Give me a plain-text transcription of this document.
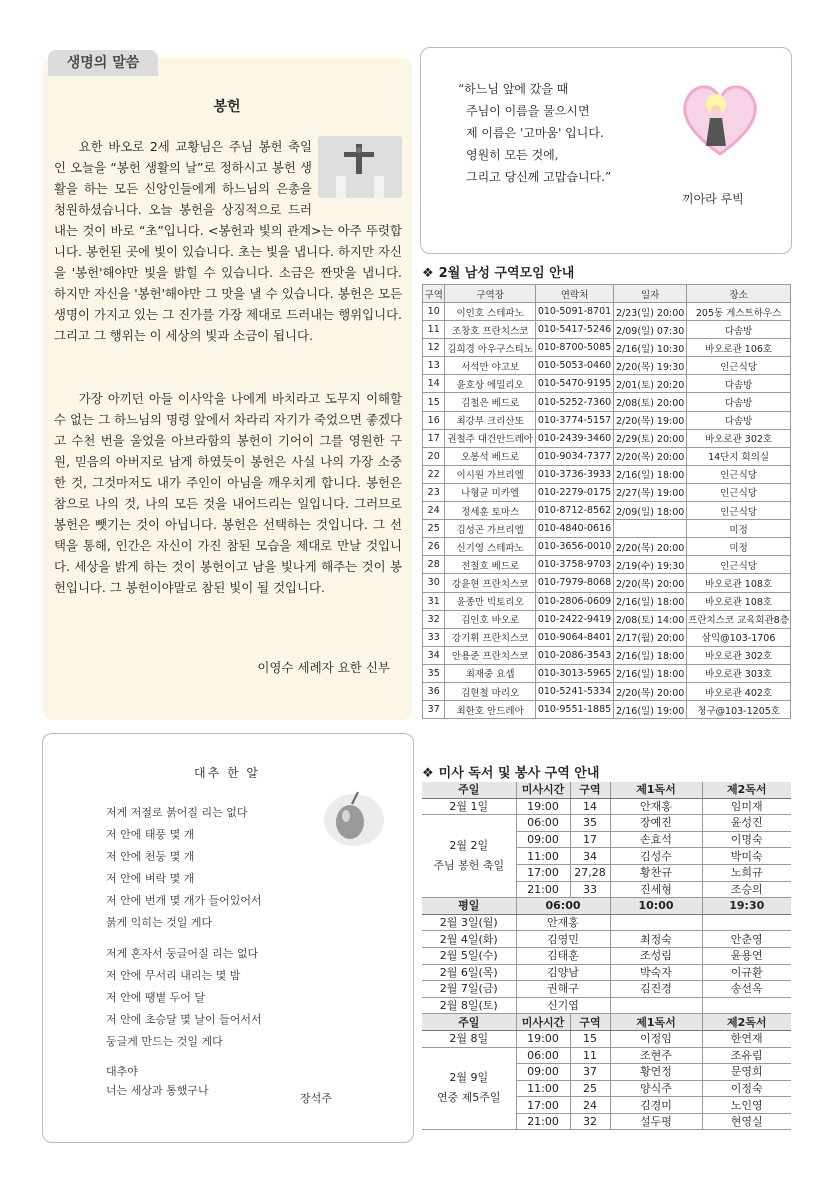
생명의 말씀
봉헌

요한 바오로 2세 교황님은 주님 봉헌 축일인 오늘을 “봉헌 생활의 날”로 정하시고 봉헌 생활을 하는 모든 신앙인들에게 하느님의 은총을 청원하셨습니다. 오늘 봉헌을 상징적으로 드러내는 것이 바로 “초”입니다. <봉헌과 빛의 관계>는 아주 뚜렷합니다. 봉헌된 곳에 빛이 있습니다. 초는 빛을 냅니다. 하지만 자신을 '봉헌'해야만 빛을 밝힐 수 있습니다. 소금은 짠맛을 냅니다. 하지만 자신을 '봉헌'해야만 그 맛을 낼 수 있습니다. 봉헌은 모든 생명이 가지고 있는 그 진가를 가장 제대로 드러내는 행위입니다. 그리고 그 행위는 이 세상의 빛과 소금이 됩니다.

가장 아끼던 아들 이사악을 나에게 바치라고 도무지 이해할 수 없는 그 하느님의 명령 앞에서 차라리 자기가 죽었으면 좋겠다고 수천 번을 울었을 아브라함의 봉헌이 기어이 그를 영원한 구원, 믿음의 아버지로 남게 하였듯이 봉헌은 사실 나의 가장 소중한 것, 그것마저도 내가 주인이 아님을 깨우치게 합니다. 봉헌은 참으로 나의 것, 나의 모든 것을 내어드리는 일입니다. 그러므로 봉헌은 뺏기는 것이 아닙니다. 봉헌은 선택하는 것입니다. 그 선택을 통해, 인간은 자신이 가진 참된 모습을 제대로 만날 것입니다. 세상을 밝게 하는 것이 봉헌이고 남을 빛나게 해주는 것이 봉헌입니다. 그 봉헌이야말로 참된 빛이 될 것입니다.

이영수 세례자 요한 신부
대추 한 알
저게 저절로 붉어질 리는 없다
저 안에 태풍 몇 개
저 안에 천둥 몇 개
저 안에 벼락 몇 개
저 안에 번개 몇 개가 들어있어서
붉게 익히는 것일 게다
저게 혼자서 둥글어질 리는 없다
저 안에 무서리 내리는 몇 밤
저 안에 땡볕 두어 달
저 안에 초승달 몇 날이 들어서서
둥글게 만드는 것일 게다
대추야
너는 세상과 통했구나
장석주
“하느님 앞에 갔을 때
주님이 이름을 물으시면
제 이름은 '고마움' 입니다.
영원히 모든 것에,
그리고 당신께 고맙습니다.”
끼아라 루빅
❖ 2월 남성 구역모임 안내
구역	구역장	연락처	일자	장소
10	이인호 스테파노	010-5091-8701	2/23(일) 20:00	205동 게스트하우스
11	조창호 프란치스코	010-5417-5246	2/09(일) 07:30	다솜방
12	김희경 아우구스티노	010-8700-5085	2/16(일) 10:30	바오로관 106호
13	서석만 야고보	010-5053-0460	2/20(목) 19:30	인근식당
14	윤호상 에밀리오	010-5470-9195	2/01(토) 20:20	다솜방
15	김철은 베드로	010-5252-7360	2/08(토) 20:00	다솜방
16	최강부 크리산또	010-3774-5157	2/20(목) 19:00	다솜방
17	권철주 대건안드레아	010-2439-3460	2/29(토) 20:00	바오로관 302호
20	오봉석 베드로	010-9034-7377	2/20(목) 20:00	14단지 회의실
22	이시원 가브리엘	010-3736-3933	2/16(일) 18:00	인근식당
23	나형균 미카엘	010-2279-0175	2/27(목) 19:00	인근식당
24	정세훈 토마스	010-8712-8562	2/09(일) 18:00	인근식당
25	김성곤 가브리엘	010-4840-0616		미정
26	신기영 스테파노	010-3656-0010	2/20(목) 20:00	미정
28	전철호 베드로	010-3758-9703	2/19(수) 19:30	인근식당
30	강윤현 프란치스코	010-7979-8068	2/20(목) 20:00	바오로관 108호
31	윤종만 빅토리오	010-2806-0609	2/16(일) 18:00	바오로관 108호
32	김인호 바오로	010-2422-9419	2/08(토) 14:00	프란치스코 교육회관8층
33	강기휘 프란치스코	010-9064-8401	2/17(월) 20:00	삼익@103-1706
34	안용준 프란치스코	010-2086-3543	2/16(일) 18:00	바오로관 302호
35	최재중 요셉	010-3013-5965	2/16(일) 18:00	바오로관 303호
36	김현철 마리오	010-5241-5334	2/20(목) 20:00	바오로관 402호
37	최한호 안드레아	010-9551-1885	2/16(일) 19:00	청구@103-1205호
❖ 미사 독서 및 봉사 구역 안내
주일	미사시간	구역	제1독서	제2독서
2월 1일	19:00	14	안재홍	임미재
2월 2일
주님 봉헌 축일	06:00	35	장예진	윤성진
	09:00	17	손효석	이명숙
	11:00	34	김성수	박미숙
	17:00	27,28	황찬규	노희규
	21:00	33	진세형	조승의
평일	06:00		10:00	19:30
2월 3일(월)	안재홍			
2월 4일(화)	김영민		최정숙	안춘영
2월 5일(수)	김태훈		조성림	윤용연
2월 6일(목)	김양남		박숙자	이규환
2월 7일(금)	권해구		김진경	송선옥
2월 8일(토)	신기엽			
주일	미사시간	구역	제1독서	제2독서
2월 8일	19:00	15	이정임	한연재
2월 9일
연중 제5주일	06:00	11	조현주	조유림
	09:00	37	황연정	문영희
	11:00	25	양식주	이정숙
	17:00	24	김경미	노인영
	21:00	32	설두평	현영실
